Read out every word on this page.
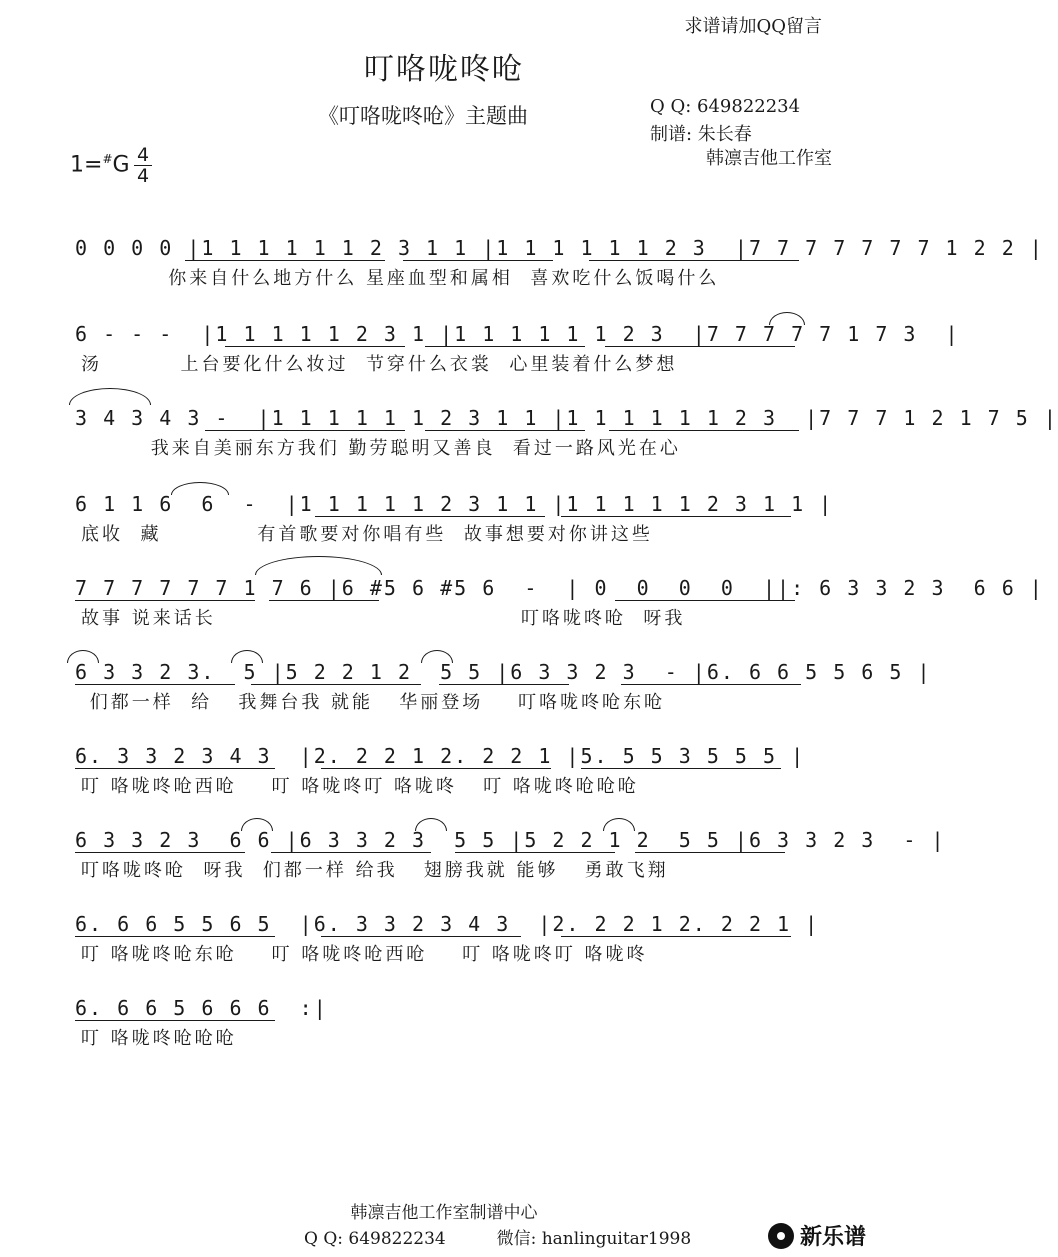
求谱请加QQ留言
叮咯咙咚呛
《叮咯咙咚呛》主题曲	Q Q: 649822234
制谱: 朱长春
韩凛吉他工作室
1=#G 4
4
0 0 0 0 |1 1 1 1 1 1 2 3 1 1 |1 1 1 1 1 1 2 3  |7 7 7 7 7 7 7 1 2 2 |
你来自什么地方什么 星座血型和属相  喜欢吃什么饭喝什么
6 - - -  |1 1 1 1 1 2 3 1 |1 1 1 1 1 1 2 3  |7 7 7 7 7 1 7 3  |
汤         上台要化什么妆过  节穿什么衣裳  心里装着什么梦想
3 4 3 4 3 -  |1 1 1 1 1 1 2 3 1 1 |1 1 1 1 1 1 2 3  |7 7 7 1 2 1 7 5 |
我来自美丽东方我们 勤劳聪明又善良  看过一路风光在心
6 1 1 6  6  -  |1 1 1 1 1 2 3 1 1 |1 1 1 1 1 2 3 1 1 |
底收  藏           有首歌要对你唱有些  故事想要对你讲这些
7 7 7 7 7 7 1 7 6 |6 #5 6 #5 6  -  | 0  0  0  0  ||: 6 3 3 2 3  6 6 |
故事 说来话长                                   叮咯咙咚呛  呀我
6 3 3 2 3.  5 |5 2 2 1 2  5 5 |6 3 3 2 3  - |6. 6 6 5 5 6 5 |
们都一样  给   我舞台我 就能   华丽登场    叮咯咙咚呛东呛
6. 3 3 2 3 4 3  |2. 2 2 1 2. 2 2 1 |5. 5 5 3 5 5 5 |
叮 咯咙咚呛西呛    叮 咯咙咚叮 咯咙咚   叮 咯咙咚呛呛呛
6 3 3 2 3  6 6 |6 3 3 2 3  5 5 |5 2 2 1 2  5 5 |6 3 3 2 3  - |
叮咯咙咚呛  呀我  们都一样 给我   翅膀我就 能够   勇敢飞翔
6. 6 6 5 5 6 5  |6. 3 3 2 3 4 3  |2. 2 2 1 2. 2 2 1 |
叮 咯咙咚呛东呛    叮 咯咙咚呛西呛    叮 咯咙咚叮 咯咙咚
6. 6 6 5 6 6 6  :|
叮 咯咙咚呛呛呛
韩凛吉他工作室制谱中心
Q Q: 649822234	微信: hanlinguitar1998	新乐谱
